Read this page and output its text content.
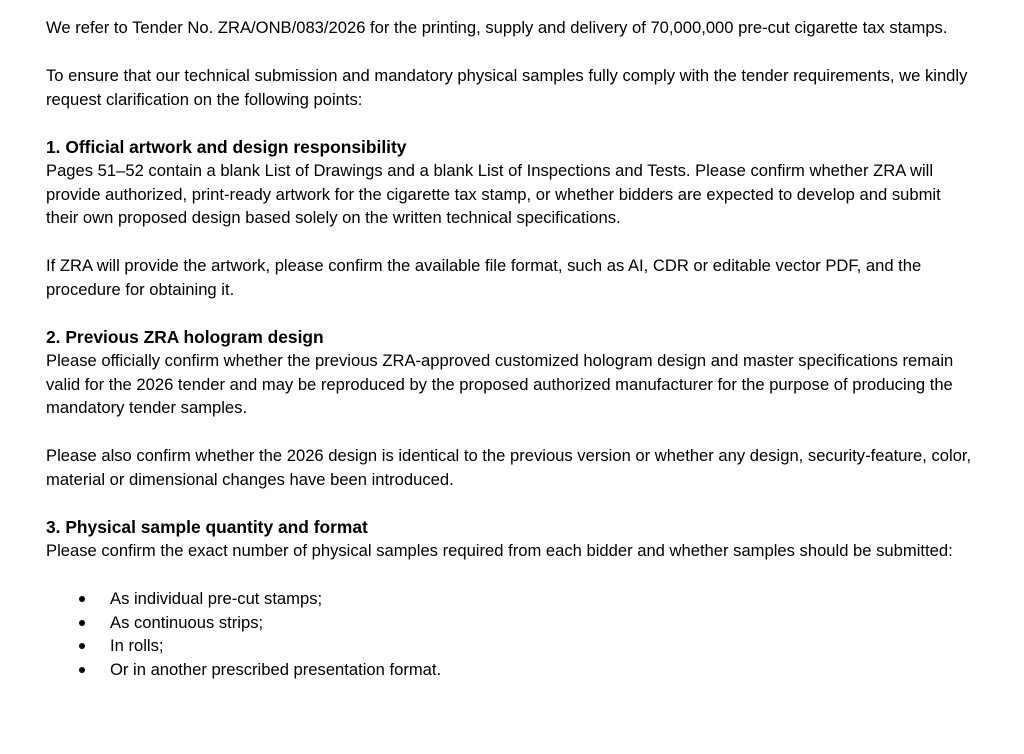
We refer to Tender No. ZRA/ONB/083/2026 for the printing, supply and delivery of 70,000,000 pre-cut cigarette tax stamps.

To ensure that our technical submission and mandatory physical samples fully comply with the tender requirements, we kindly request clarification on the following points:

1. Official artwork and design responsibility

Pages 51–52 contain a blank List of Drawings and a blank List of Inspections and Tests. Please confirm whether ZRA will provide authorized, print-ready artwork for the cigarette tax stamp, or whether bidders are expected to develop and submit their own proposed design based solely on the written technical specifications.

If ZRA will provide the artwork, please confirm the available file format, such as AI, CDR or editable vector PDF, and the procedure for obtaining it.

2. Previous ZRA hologram design

Please officially confirm whether the previous ZRA-approved customized hologram design and master specifications remain valid for the 2026 tender and may be reproduced by the proposed authorized manufacturer for the purpose of producing the mandatory tender samples.

Please also confirm whether the 2026 design is identical to the previous version or whether any design, security-feature, color, material or dimensional changes have been introduced.

3. Physical sample quantity and format

Please confirm the exact number of physical samples required from each bidder and whether samples should be submitted:

As individual pre-cut stamps;
As continuous strips;
In rolls;
Or in another prescribed presentation format.
